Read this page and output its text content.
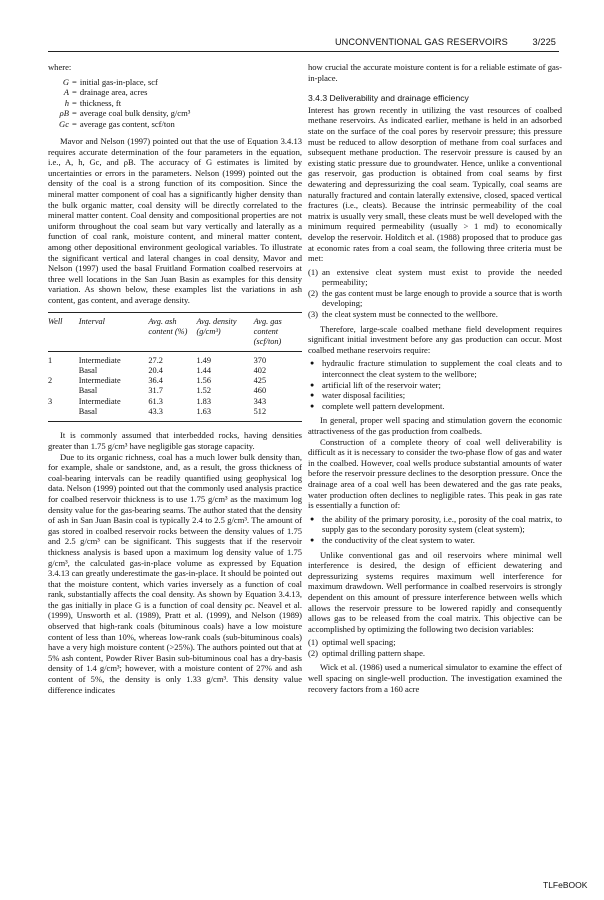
UNCONVENTIONAL GAS RESERVOIRS	3/225

where:

G = initial gas-in-place, scf
A = drainage area, acres
h = thickness, ft
ρB = average coal bulk density, g/cm³
Gc = average gas content, scf/ton

Mavor and Nelson (1997) pointed out that the use of Equation 3.4.13 requires accurate determination of the four parameters in the equation, i.e., A, h, Gc, and ρB. The accuracy of G estimates is limited by uncertainties or errors in the parameters. Nelson (1999) pointed out the density of the coal is a strong function of its composition. Since the mineral matter component of coal has a significantly higher density than the bulk organic matter, coal density will be directly correlated to the mineral matter content. Coal density and compositional properties are not uniform throughout the coal seam but vary vertically and laterally as a function of coal rank, moisture content, and mineral matter content, among other depositional environment geological variables. To illustrate the significant vertical and lateral changes in coal density, Mavor and Nelson (1997) used the basal Fruitland Formation coalbed reservoirs at three well locations in the San Juan Basin as examples for this density variation. As shown below, these examples list the variations in ash content, gas content, and average density.

Well	Interval	Avg. ash content (%)	Avg. density (g/cm³)	Avg. gas content (scf/ton)
1	Intermediate	27.2	1.49	370
	Basal	20.4	1.44	402
2	Intermediate	36.4	1.56	425
	Basal	31.7	1.52	460
3	Intermediate	61.3	1.83	343
	Basal	43.3	1.63	512

It is commonly assumed that interbedded rocks, having densities greater than 1.75 g/cm³ have negligible gas storage capacity.

Due to its organic richness, coal has a much lower bulk density than, for example, shale or sandstone, and, as a result, the gross thickness of coal-bearing intervals can be readily quantified using geophysical log data. Nelson (1999) pointed out that the commonly used analysis practice for coalbed reservoir thickness is to use 1.75 g/cm³ as the maximum log density value for the gas-bearing seams. The author stated that the density of ash in San Juan Basin coal is typically 2.4 to 2.5 g/cm³. The amount of gas stored in coalbed reservoir rocks between the density values of 1.75 and 2.5 g/cm³ can be significant. This suggests that if the reservoir thickness analysis is based upon a maximum log density value of 1.75 g/cm³, the calculated gas-in-place volume as expressed by Equation 3.4.13 can greatly underestimate the gas-in-place. It should be pointed out that the moisture content, which varies inversely as a function of coal rank, substantially affects the coal density. As shown by Equation 3.4.13, the gas initially in place G is a function of coal density ρc. Neavel et al. (1999), Unsworth et al. (1989), Pratt et al. (1999), and Nelson (1989) observed that high-rank coals (bituminous coals) have a low moisture content of less than 10%, whereas low-rank coals (sub-bituminous coals) have a very high moisture content (>25%). The authors pointed out that at 5% ash content, Powder River Basin sub-bituminous coal has a dry-basis density of 1.4 g/cm³; however, with a moisture content of 27% and ash content of 5%, the density is only 1.33 g/cm³. This density value difference indicates

how crucial the accurate moisture content is for a reliable estimate of gas-in-place.

3.4.3 Deliverability and drainage efficiency

Interest has grown recently in utilizing the vast resources of coalbed methane reservoirs. As indicated earlier, methane is held in an adsorbed state on the surface of the coal pores by reservoir pressure; this pressure must be reduced to allow desorption of methane from coal surfaces and subsequent methane production. The reservoir pressure is caused by an existing static pressure due to groundwater. Hence, unlike a conventional gas reservoir, gas production is obtained from coal seams by first dewatering and depressurizing the coal seam. Typically, coal seams are naturally fractured and contain laterally extensive, closed, spaced vertical fractures (i.e., cleats). Because the intrinsic permeability of the coal matrix is usually very small, these cleats must be well developed with the minimum required permeability (usually > 1 md) to economically develop the reservoir. Holditch et al. (1988) proposed that to produce gas at economic rates from a coal seam, the following three criteria must be met:

(1) an extensive cleat system must exist to provide the needed permeability;
(2) the gas content must be large enough to provide a source that is worth developing;
(3) the cleat system must be connected to the wellbore.

Therefore, large-scale coalbed methane field development requires significant initial investment before any gas production can occur. Most coalbed methane reservoirs require:

● hydraulic fracture stimulation to supplement the coal cleats and to interconnect the cleat system to the wellbore;
● artificial lift of the reservoir water;
● water disposal facilities;
● complete well pattern development.

In general, proper well spacing and stimulation govern the economic attractiveness of the gas production from coalbeds.

Construction of a complete theory of coal well deliverability is difficult as it is necessary to consider the two-phase flow of gas and water in the coalbed. However, coal wells produce substantial amounts of water before the reservoir pressure declines to the desorption pressure. Once the drainage area of a coal well has been dewatered and the gas rate peaks, water production often declines to negligible rates. This peak in gas rate is essentially a function of:

● the ability of the primary porosity, i.e., porosity of the coal matrix, to supply gas to the secondary porosity system (cleat system);
● the conductivity of the cleat system to water.

Unlike conventional gas and oil reservoirs where minimal well interference is desired, the design of efficient dewatering and depressurizing systems requires maximum well interference for maximum drawdown. Well performance in coalbed reservoirs is strongly dependent on this amount of pressure interference between wells which allows the reservoir pressure to be lowered rapidly and consequently allows gas to be released from the coal matrix. This objective can be accomplished by optimizing the following two decision variables:

(1) optimal well spacing;
(2) optimal drilling pattern shape.

Wick et al. (1986) used a numerical simulator to examine the effect of well spacing on single-well production. The investigation examined the recovery factors from a 160 acre

TLFeBOOK
